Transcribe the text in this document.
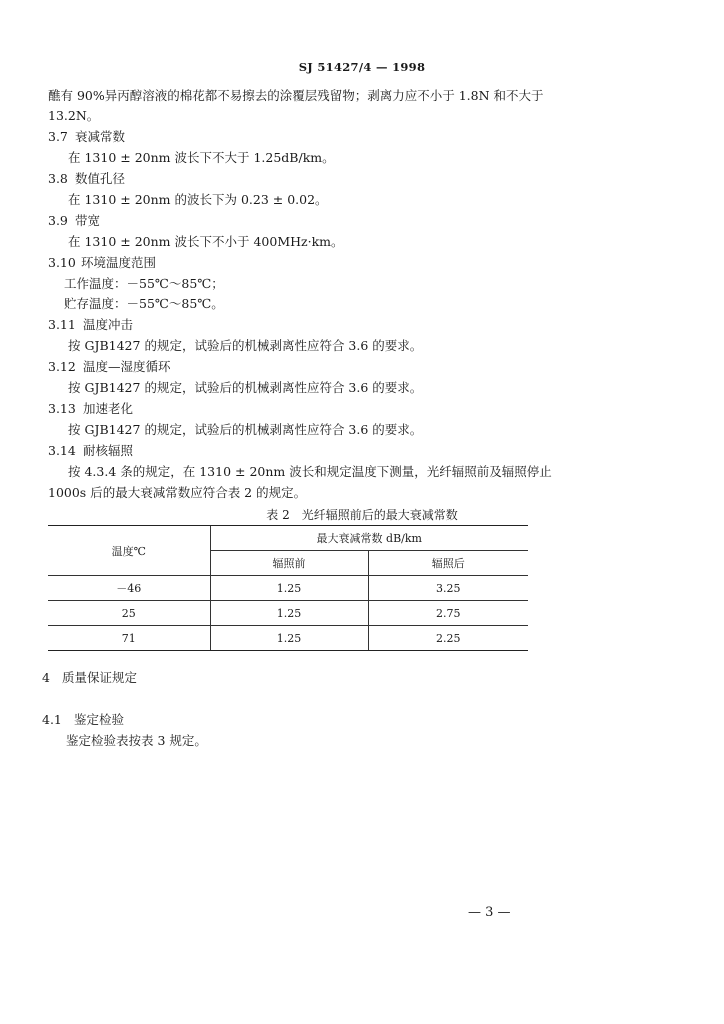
SJ 51427/4 — 1998
醮有 90%异丙醇溶液的棉花都不易擦去的涂覆层残留物；剥离力应不小于 1.8N 和不大于
13.2N。
3.7 衰减常数
在 1310 ± 20nm 波长下不大于 1.25dB/km。
3.8 数值孔径
在 1310 ± 20nm 的波长下为 0.23 ± 0.02。
3.9 带宽
在 1310 ± 20nm 波长下不小于 400MHz·km。
3.10 环境温度范围
工作温度：－55℃～85℃；
贮存温度：－55℃～85℃。
3.11 温度冲击
按 GJB1427 的规定，试验后的机械剥离性应符合 3.6 的要求。
3.12 温度—湿度循环
按 GJB1427 的规定，试验后的机械剥离性应符合 3.6 的要求。
3.13 加速老化
按 GJB1427 的规定，试验后的机械剥离性应符合 3.6 的要求。
3.14 耐核辐照
按 4.3.4 条的规定，在 1310 ± 20nm 波长和规定温度下测量，光纤辐照前及辐照停止
1000s 后的最大衰减常数应符合表 2 的规定。
表 2　光纤辐照前后的最大衰减常数
温度℃	最大衰减常数 dB/km	
	辐照前	辐照后
－46	1.25	3.25
25	1.25	2.75
71	1.25	2.25
4 质量保证规定
4.1 鉴定检验
鉴定检验表按表 3 规定。
— 3 —
